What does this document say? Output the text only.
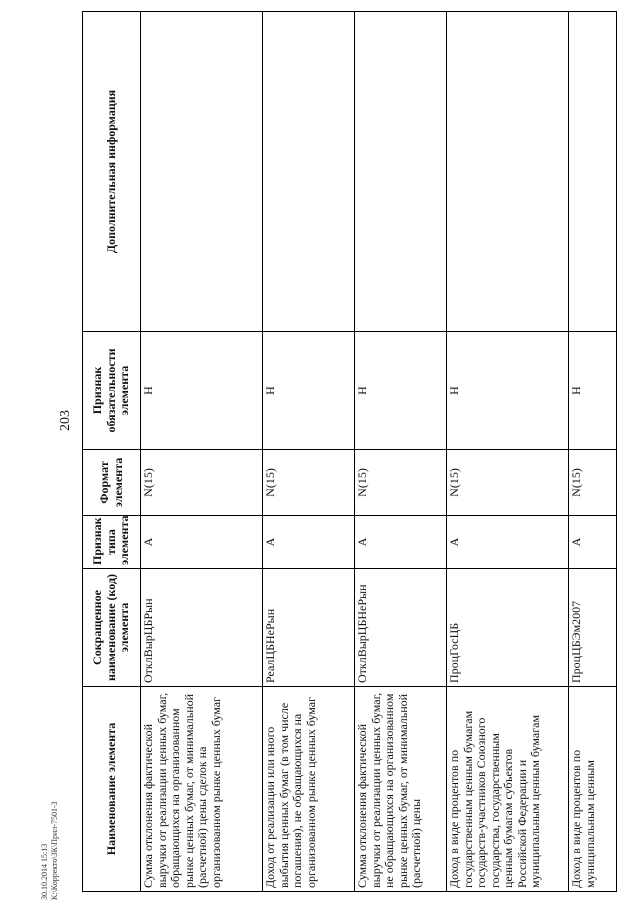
203
Наименование элемента	Сокращенное наименование (код) элемента	Признак типа элемента	Формат элемента	Признак обязательности элемента	Дополнительная информация
Сумма отклонения фактической выручки от реализации ценных бумаг, обращающихся на организованном рынке ценных бумаг, от минимальной (расчетной) цены сделок на организованном рынке ценных бумаг	ОтклВырЦБРын	А	N(15)	Н	
Доход от реализации или иного выбытия ценных бумаг (в том числе погашения), не обращающихся на организованном рынке ценных бумаг	РеалЦБНеРын	А	N(15)	Н	
Сумма отклонения фактической выручки от реализации ценных бумаг, не обращающихся на организованном рынке ценных бумаг, от минимальной (расчетной) цены	ОтклВырЦБНеРын	А	N(15)	Н	
Доход в виде процентов по государственным ценным бумагам государств-участников Союзного государства, государственным ценным бумагам субъектов Российской Федерации и муниципальным ценным бумагам	ПроцГосЦБ	А	N(15)	Н	
Доход в виде процентов по муниципальным ценным	ПроцЦБЭм2007	А	N(15)	Н	
30.10.2014 15:13 К:\Корректо\ЗК\Прил-7501-3
